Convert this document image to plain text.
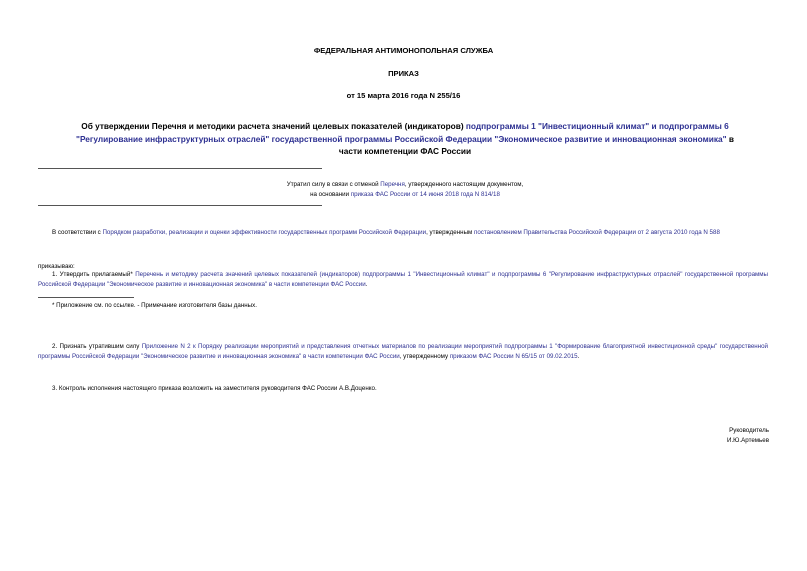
ФЕДЕРАЛЬНАЯ АНТИМОНОПОЛЬНАЯ СЛУЖБА
ПРИКАЗ
от 15 марта 2016 года N 255/16
Об утверждении Перечня и методики расчета значений целевых показателей (индикаторов) подпрограммы 1 "Инвестиционный климат" и подпрограммы 6
"Регулирование инфраструктурных отраслей" государственной программы Российской Федерации "Экономическое развитие и инновационная экономика" в
части компетенции ФАС России
Утратил силу в связи с отменой Перечня, утвержденного настоящим документом,
на основании приказа ФАС России от 14 июня 2018 года N 814/18
В соответствии с Порядком разработки, реализации и оценки эффективности государственных программ Российской Федерации, утвержденным постановлением Правительства Российской Федерации от 2 августа 2010 года N 588
приказываю:
1. Утвердить прилагаемый* Перечень и методику расчета значений целевых показателей (индикаторов) подпрограммы 1 "Инвестиционный климат" и подпрограммы 6 "Регулирование инфраструктурных отраслей" государственной программы Российской Федерации "Экономическое развитие и инновационная экономика" в части компетенции ФАС России.
* Приложение см. по ссылке. - Примечание изготовителя базы данных.
2. Признать утратившим силу Приложение N 2 к Порядку реализации мероприятий и представления отчетных материалов по реализации мероприятий подпрограммы 1 "Формирование благоприятной инвестиционной среды" государственной программы Российской Федерации "Экономическое развитие и инновационная экономика" в части компетенции ФАС России, утвержденному приказом ФАС России N 65/15 от 09.02.2015.
3. Контроль исполнения настоящего приказа возложить на заместителя руководителя ФАС России А.В.Доценко.
Руководитель
И.Ю.Артемьев
